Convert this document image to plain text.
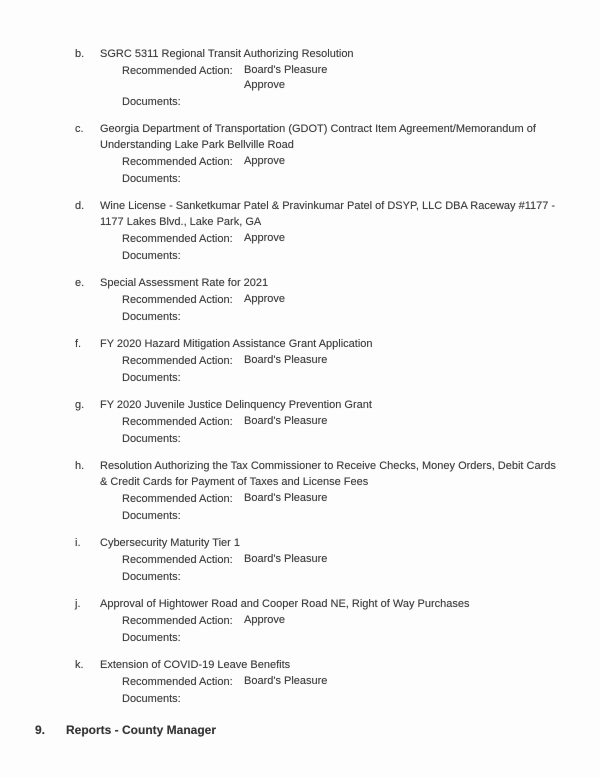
b.	SGRC 5311 Regional Transit Authorizing Resolution
Recommended Action:	Board's Pleasure
Approve
Documents:
c.	Georgia Department of Transportation (GDOT) Contract Item Agreement/Memorandum of Understanding Lake Park Bellville Road
Recommended Action:	Approve
Documents:
d.	Wine License - Sanketkumar Patel & Pravinkumar Patel of DSYP, LLC DBA Raceway #1177 - 1177 Lakes Blvd., Lake Park, GA
Recommended Action:	Approve
Documents:
e.	Special Assessment Rate for 2021
Recommended Action:	Approve
Documents:
f.	FY 2020 Hazard Mitigation Assistance Grant Application
Recommended Action:	Board's Pleasure
Documents:
g.	FY 2020 Juvenile Justice Delinquency Prevention Grant
Recommended Action:	Board's Pleasure
Documents:
h.	Resolution Authorizing the Tax Commissioner to Receive Checks, Money Orders, Debit Cards & Credit Cards for Payment of Taxes and License Fees
Recommended Action:	Board's Pleasure
Documents:
i.	Cybersecurity Maturity Tier 1
Recommended Action:	Board's Pleasure
Documents:
j.	Approval of Hightower Road and Cooper Road NE, Right of Way Purchases
Recommended Action:	Approve
Documents:
k.	Extension of COVID-19 Leave Benefits
Recommended Action:	Board's Pleasure
Documents:
9.	Reports - County Manager
